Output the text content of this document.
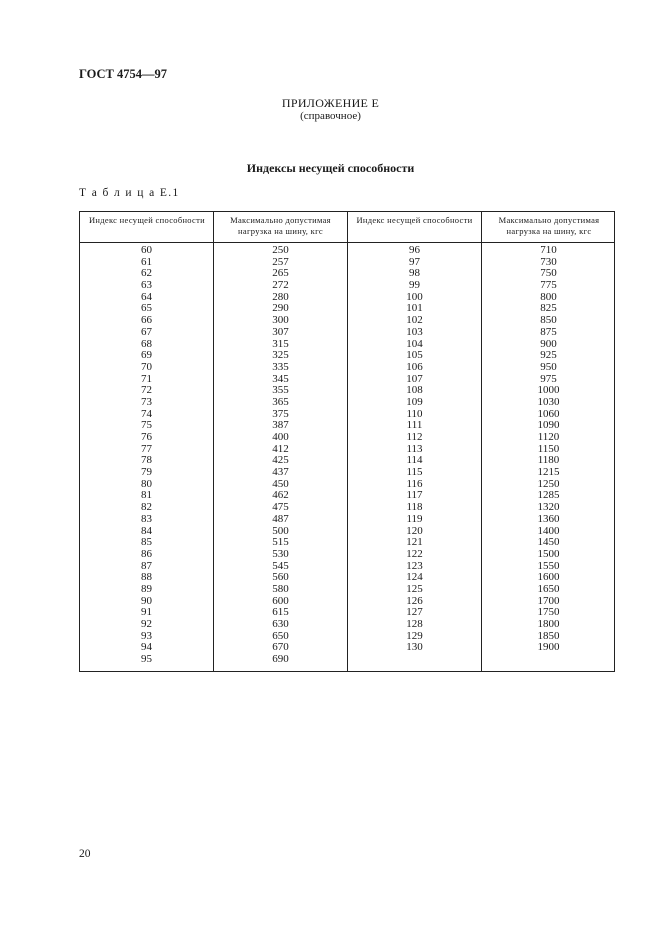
ГОСТ 4754—97
ПРИЛОЖЕНИЕ Е
(справочное)
Индексы несущей способности
Т а б л и ц а Е.1
Индекс несущей способности	Максимально допустимая нагрузка на шину, кгс
Индекс несущей способности	Максимально допустимая нагрузка на шину, кгс
60
61
62
63
64
65
66
67
68
69
70
71
72
73
74
75
76
77
78
79
80
81
82
83
84
85
86
87
88
89
90
91
92
93
94
95
250
257
265
272
280
290
300
307
315
325
335
345
355
365
375
387
400
412
425
437
450
462
475
487
500
515
530
545
560
580
600
615
630
650
670
690
96
97
98
99
100
101
102
103
104
105
106
107
108
109
110
111
112
113
114
115
116
117
118
119
120
121
122
123
124
125
126
127
128
129
130
710
730
750
775
800
825
850
875
900
925
950
975
1000
1030
1060
1090
1120
1150
1180
1215
1250
1285
1320
1360
1400
1450
1500
1550
1600
1650
1700
1750
1800
1850
1900
20
